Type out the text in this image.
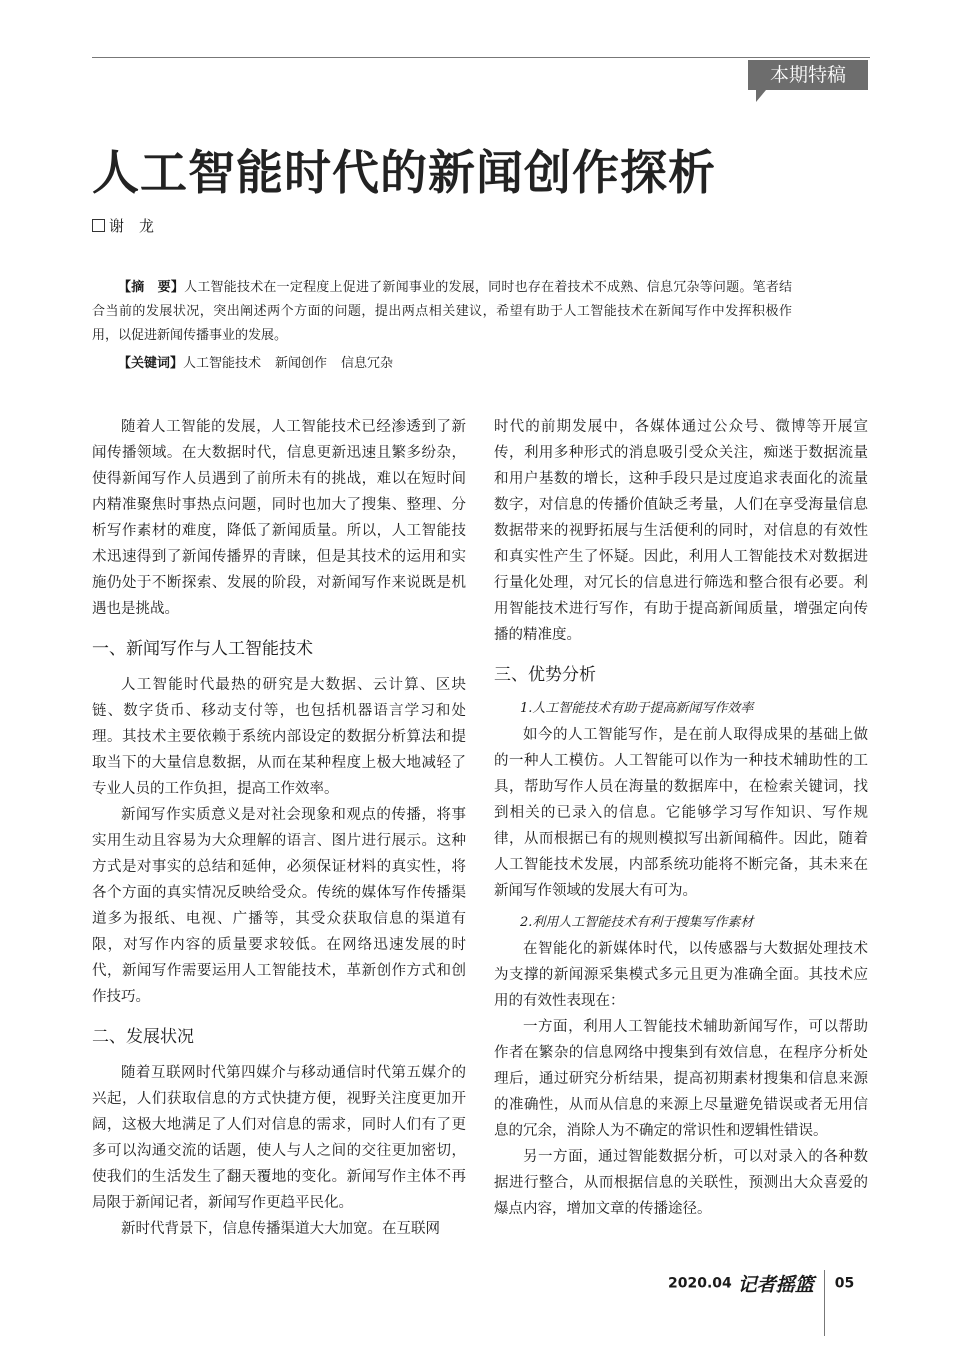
本期特稿
人工智能时代的新闻创作探析
谢　龙

【摘　要】人工智能技术在一定程度上促进了新闻事业的发展，同时也存在着技术不成熟、信息冗杂等问题。笔者结合当前的发展状况，突出阐述两个方面的问题，提出两点相关建议，希望有助于人工智能技术在新闻写作中发挥积极作用，以促进新闻传播事业的发展。

【关键词】人工智能技术 新闻创作 信息冗杂

随着人工智能的发展，人工智能技术已经渗透到了新闻传播领域。在大数据时代，信息更新迅速且繁多纷杂，使得新闻写作人员遇到了前所未有的挑战，难以在短时间内精准聚焦时事热点问题，同时也加大了搜集、整理、分析写作素材的难度，降低了新闻质量。所以，人工智能技术迅速得到了新闻传播界的青睐，但是其技术的运用和实施仍处于不断探索、发展的阶段，对新闻写作来说既是机遇也是挑战。

一、新闻写作与人工智能技术

人工智能时代最热的研究是大数据、云计算、区块链、数字货币、移动支付等，也包括机器语言学习和处理。其技术主要依赖于系统内部设定的数据分析算法和提取当下的大量信息数据，从而在某种程度上极大地减轻了专业人员的工作负担，提高工作效率。

新闻写作实质意义是对社会现象和观点的传播，将事实用生动且容易为大众理解的语言、图片进行展示。这种方式是对事实的总结和延伸，必须保证材料的真实性，将各个方面的真实情况反映给受众。传统的媒体写作传播渠道多为报纸、电视、广播等，其受众获取信息的渠道有限，对写作内容的质量要求较低。在网络迅速发展的时代，新闻写作需要运用人工智能技术，革新创作方式和创作技巧。

二、发展状况

随着互联网时代第四媒介与移动通信时代第五媒介的兴起，人们获取信息的方式快捷方便，视野关注度更加开阔，这极大地满足了人们对信息的需求，同时人们有了更多可以沟通交流的话题，使人与人之间的交往更加密切，使我们的生活发生了翻天覆地的变化。新闻写作主体不再局限于新闻记者，新闻写作更趋平民化。

新时代背景下，信息传播渠道大大加宽。在互联网

时代的前期发展中，各媒体通过公众号、微博等开展宣传，利用多种形式的消息吸引受众关注，痴迷于数据流量和用户基数的增长，这种手段只是过度追求表面化的流量数字，对信息的传播价值缺乏考量，人们在享受海量信息数据带来的视野拓展与生活便利的同时，对信息的有效性和真实性产生了怀疑。因此，利用人工智能技术对数据进行量化处理，对冗长的信息进行筛选和整合很有必要。利用智能技术进行写作，有助于提高新闻质量，增强定向传播的精准度。

三、优势分析
1.人工智能技术有助于提高新闻写作效率

如今的人工智能写作，是在前人取得成果的基础上做的一种人工模仿。人工智能可以作为一种技术辅助性的工具，帮助写作人员在海量的数据库中，在检索关键词，找到相关的已录入的信息。它能够学习写作知识、写作规律，从而根据已有的规则模拟写出新闻稿件。因此，随着人工智能技术发展，内部系统功能将不断完备，其未来在新闻写作领域的发展大有可为。

2.利用人工智能技术有利于搜集写作素材

在智能化的新媒体时代，以传感器与大数据处理技术为支撑的新闻源采集模式多元且更为准确全面。其技术应用的有效性表现在：

一方面，利用人工智能技术辅助新闻写作，可以帮助作者在繁杂的信息网络中搜集到有效信息，在程序分析处理后，通过研究分析结果，提高初期素材搜集和信息来源的准确性，从而从信息的来源上尽量避免错误或者无用信息的冗余，消除人为不确定的常识性和逻辑性错误。

另一方面，通过智能数据分析，可以对录入的各种数据进行整合，从而根据信息的关联性，预测出大众喜爱的爆点内容，增加文章的传播途径。

2020.04 记者摇篮 05
